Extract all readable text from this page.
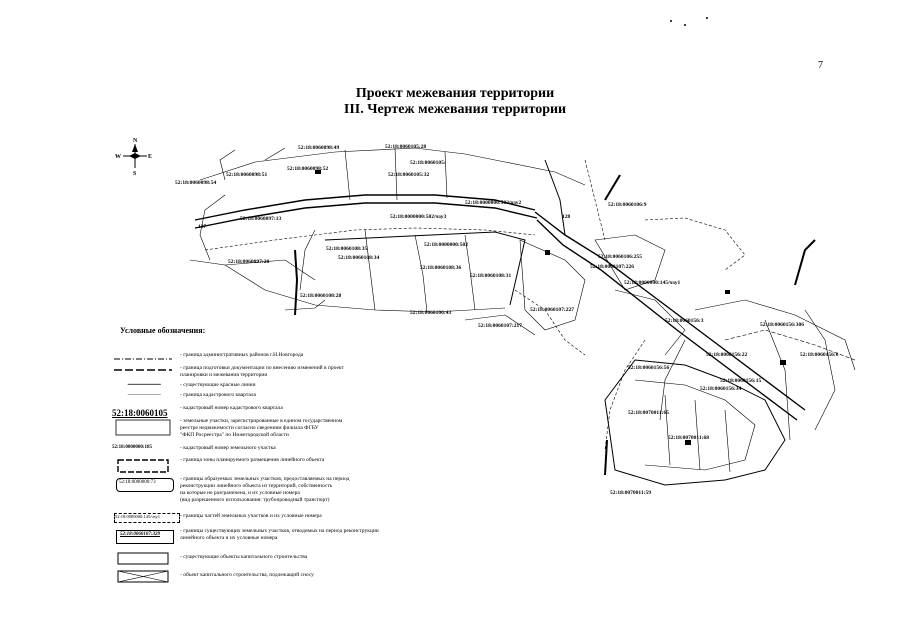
7
Проект межевания территории
III. Чертеж межевания территории
N
S
E
W
52:18:0060098:49	52:18:0060105:28
52:18:0060098:52
52:18:0060105:
52:18:0060098:51	52:18:0060105:32
52:18:0060098:54
52:18:0000000:502/чзу2
52:18:0060097:13	52:18:0000000:502/чзу3
52:18:0060106:9
52:18:0060108:35
52:18:0000000:502
52:18:0060108:34	52:18:0060106:255
52:18:0060097:28
52:18:0060108:36	52:18:0060107:226
52:18:0060108:31
52:18:0000000:145/чзу1
52:18:0060108:28
52:18:0060107:227
52:18:0060106:43
52:18:0060156:3
52:18:0060107:217	52:18:0060156:306
52:18:0060156:6
52:18:0060156:22
52:18:0060156:56
52:18:0060156:15
52:18:0060156:34
52:18:0070011:65
52:18:0070011:68
52:18:0070011:59
128
137
Условные обозначения:
- граница административных районов г.Н.Новгорода
- граница подготовки документации по внесению изменений в проект
планировки и межевания территории
- существующие красные линии
- граница кадастрового квартала
52:18:0060105	- кадастровый номер кадастрового квартала
- земельные участки, зарегистрированные в едином государственном
реестре недвижимости согласно сведениям филиала ФГБУ
"ФКП Росреестра" по Нижегородской области
52:18:0000000:185	- кадастровый номер земельного участка
- граница зоны планируемого размещения линейного объекта
52:18:0000000:73
- границы образуемых земельных участков, предоставляемых на период
реконструкции линейного объекта из территорий, собственность
на которые не разграничена, и их условные номера
(вид разрешенного использования: трубопроводный транспорт)
52:18:0000000:145/чзу1	- границы частей земельных участков и их условные номера
52:18:0060107:329
- границы существующих земельных участков, отводимых на период реконструкции
линейного объекта и их условные номера
- существующие объекты капитального строительства
- объект капитального строительства, подлежащий сносу
